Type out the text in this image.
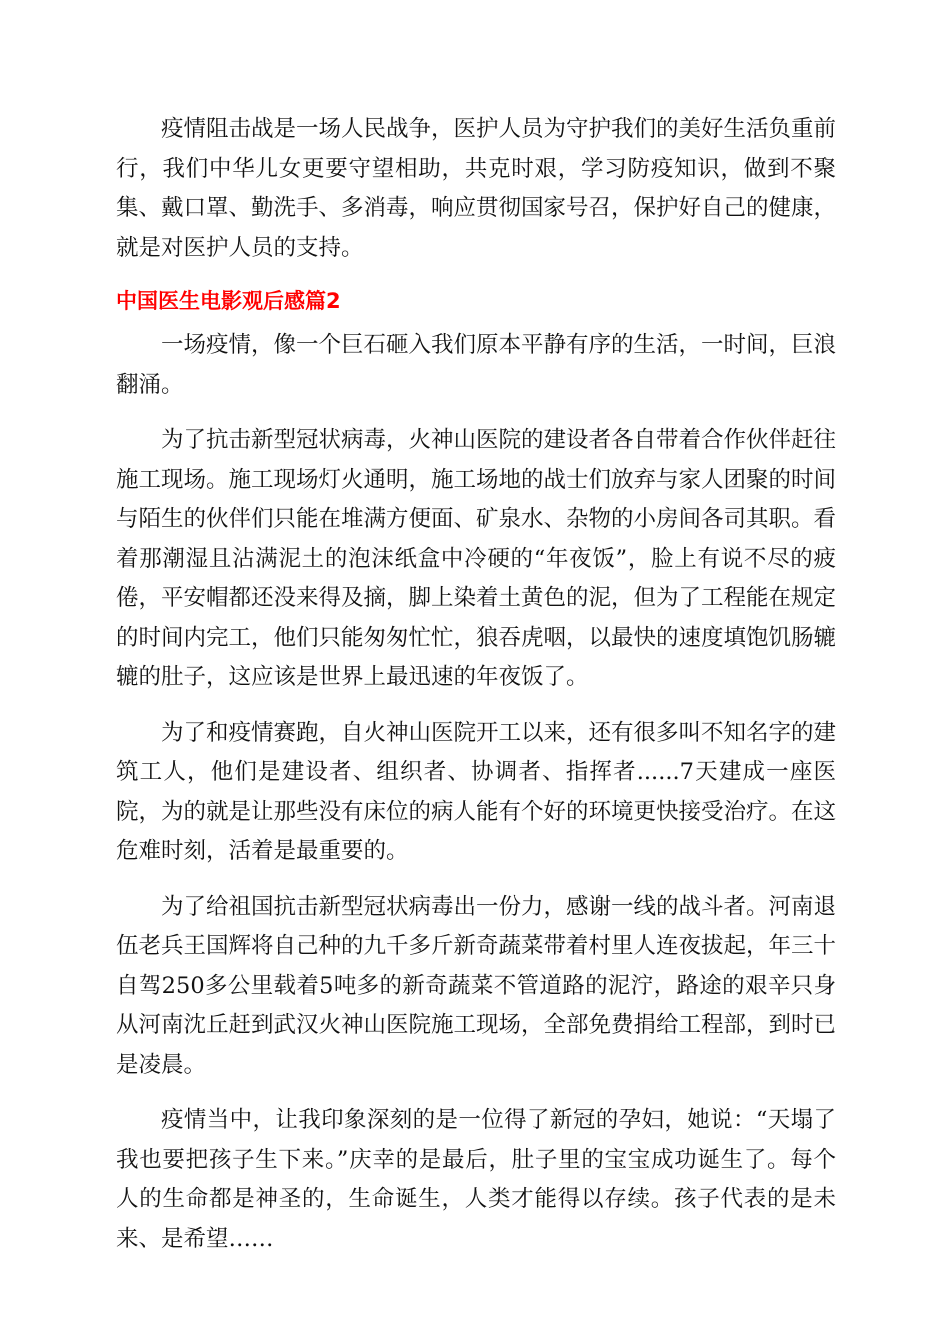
疫情阻击战是一场人民战争，医护人员为守护我们的美好生活负重前行，我们中华儿女更要守望相助，共克时艰，学习防疫知识，做到不聚集、戴口罩、勤洗手、多消毒，响应贯彻国家号召，保护好自己的健康，就是对医护人员的支持。

中国医生电影观后感篇2

一场疫情，像一个巨石砸入我们原本平静有序的生活，一时间，巨浪翻涌。

为了抗击新型冠状病毒，火神山医院的建设者各自带着合作伙伴赶往施工现场。施工现场灯火通明，施工场地的战士们放弃与家人团聚的时间与陌生的伙伴们只能在堆满方便面、矿泉水、杂物的小房间各司其职。看着那潮湿且沾满泥土的泡沫纸盒中冷硬的“年夜饭”，脸上有说不尽的疲倦，平安帽都还没来得及摘，脚上染着土黄色的泥，但为了工程能在规定的时间内完工，他们只能匆匆忙忙，狼吞虎咽，以最快的速度填饱饥肠辘辘的肚子，这应该是世界上最迅速的年夜饭了。

为了和疫情赛跑，自火神山医院开工以来，还有很多叫不知名字的建筑工人，他们是建设者、组织者、协调者、指挥者......7天建成一座医院，为的就是让那些没有床位的病人能有个好的环境更快接受治疗。在这危难时刻，活着是最重要的。

为了给祖国抗击新型冠状病毒出一份力，感谢一线的战斗者。河南退伍老兵王国辉将自己种的九千多斤新奇蔬菜带着村里人连夜拔起，年三十自驾250多公里载着5吨多的新奇蔬菜不管道路的泥泞，路途的艰辛只身从河南沈丘赶到武汉火神山医院施工现场，全部免费捐给工程部，到时已是凌晨。

疫情当中，让我印象深刻的是一位得了新冠的孕妇，她说：“天塌了我也要把孩子生下来。”庆幸的是最后，肚子里的宝宝成功诞生了。每个人的生命都是神圣的，生命诞生，人类才能得以存续。孩子代表的是未来、是希望……
